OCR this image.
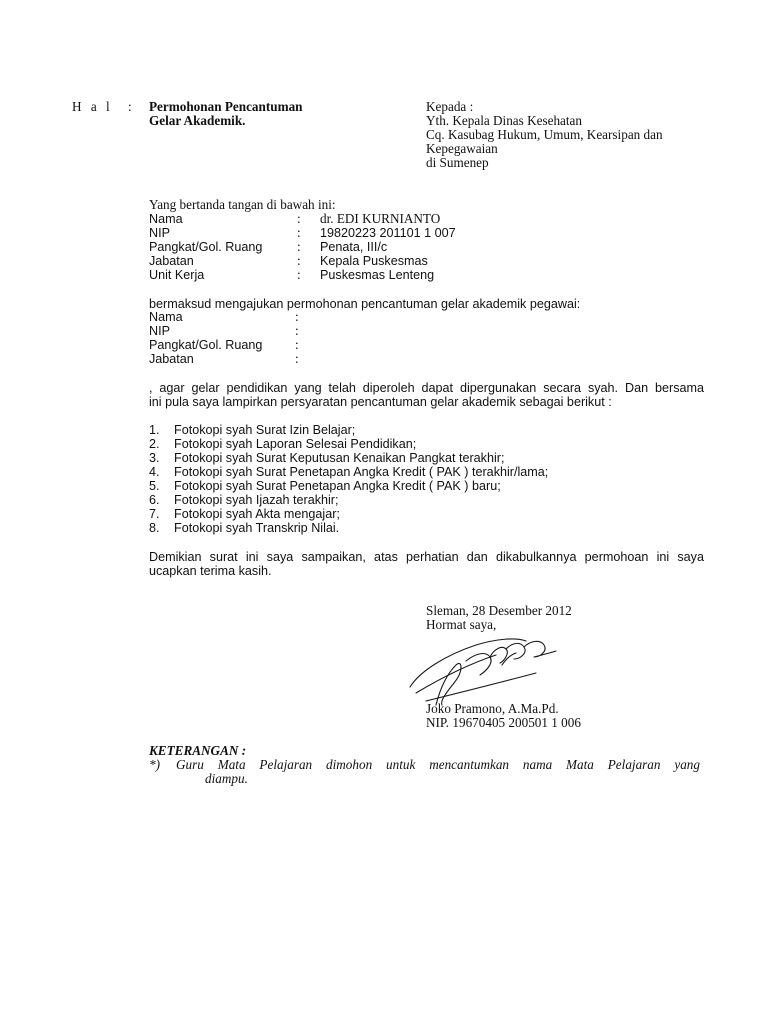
H a l : Permohonan Pencantuman
Gelar Akademik.
Kepada :
Yth. Kepala Dinas Kesehatan
Cq. Kasubag Hukum, Umum, Kearsipan dan
Kepegawaian
di Sumenep
Yang bertanda tangan di bawah ini:
Nama	: dr. EDI KURNIANTO
NIP	: 19820223 201101 1 007
Pangkat/Gol. Ruang	: Penata, III/c
Jabatan	: Kepala Puskesmas
Unit Kerja	: Puskesmas Lenteng
bermaksud mengajukan permohonan pencantuman gelar akademik pegawai:
Nama	:
NIP	:
Pangkat/Gol. Ruang :
Jabatan	:
, agar gelar pendidikan yang telah diperoleh dapat dipergunakan secara syah. Dan bersama
ini pula saya lampirkan persyaratan pencantuman gelar akademik sebagai berikut :
1. Fotokopi syah Surat Izin Belajar;
2. Fotokopi syah Laporan Selesai Pendidikan;
3. Fotokopi syah Surat Keputusan Kenaikan Pangkat terakhir;
4. Fotokopi syah Surat Penetapan Angka Kredit ( PAK ) terakhir/lama;
5. Fotokopi syah Surat Penetapan Angka Kredit ( PAK ) baru;
6. Fotokopi syah Ijazah terakhir;
7. Fotokopi syah Akta mengajar;
8. Fotokopi syah Transkrip Nilai.
Demikian surat ini saya sampaikan, atas perhatian dan dikabulkannya permohoan ini saya
ucapkan terima kasih.
Sleman, 28 Desember 2012
Hormat saya,
Joko Pramono, A.Ma.Pd.
NIP. 19670405 200501 1 006
KETERANGAN :
*) Guru Mata Pelajaran dimohon untuk mencantumkan nama Mata Pelajaran yang
diampu.
